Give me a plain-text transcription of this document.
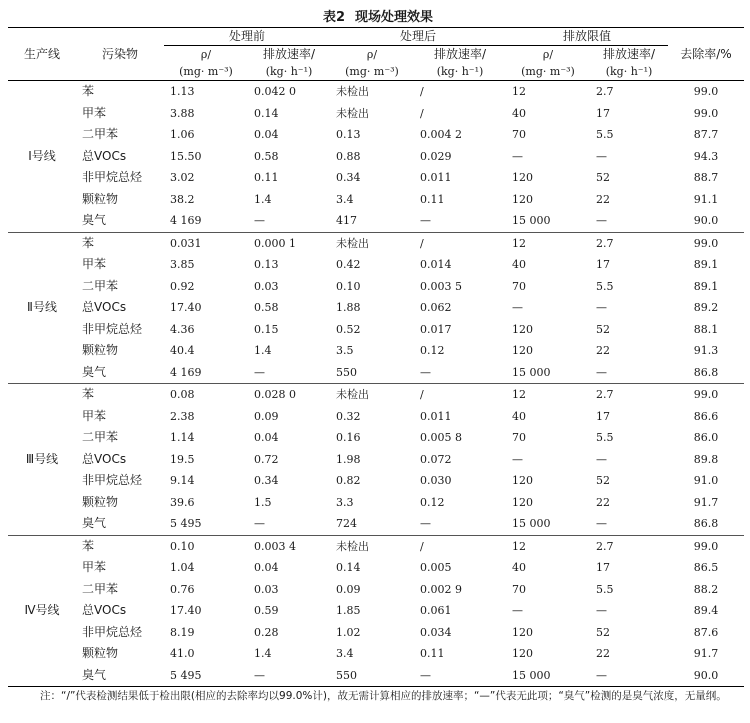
表2 现场处理效果
生产线	污染物	处理前		处理后		排放限值		去除率/%
		ρ/	排放速率/	ρ/	排放速率/	ρ/	排放速率/	
		(mg· m⁻³)	(kg· h⁻¹)	(mg· m⁻³)	(kg· h⁻¹)	(mg· m⁻³)	(kg· h⁻¹)	
Ⅰ号线	苯	1.13	0.042 0	未检出	/	12	2.7	99.0
	甲苯	3.88	0.14	未检出	/	40	17	99.0
	二甲苯	1.06	0.04	0.13	0.004 2	70	5.5	87.7
	总VOCs	15.50	0.58	0.88	0.029	—	—	94.3
	非甲烷总烃	3.02	0.11	0.34	0.011	120	52	88.7
	颗粒物	38.2	1.4	3.4	0.11	120	22	91.1
	臭气	4 169	—	417	—	15 000	—	90.0
Ⅱ号线	苯	0.031	0.000 1	未检出	/	12	2.7	99.0
	甲苯	3.85	0.13	0.42	0.014	40	17	89.1
	二甲苯	0.92	0.03	0.10	0.003 5	70	5.5	89.1
	总VOCs	17.40	0.58	1.88	0.062	—	—	89.2
	非甲烷总烃	4.36	0.15	0.52	0.017	120	52	88.1
	颗粒物	40.4	1.4	3.5	0.12	120	22	91.3
	臭气	4 169	—	550	—	15 000	—	86.8
Ⅲ号线	苯	0.08	0.028 0	未检出	/	12	2.7	99.0
	甲苯	2.38	0.09	0.32	0.011	40	17	86.6
	二甲苯	1.14	0.04	0.16	0.005 8	70	5.5	86.0
	总VOCs	19.5	0.72	1.98	0.072	—	—	89.8
	非甲烷总烃	9.14	0.34	0.82	0.030	120	52	91.0
	颗粒物	39.6	1.5	3.3	0.12	120	22	91.7
	臭气	5 495	—	724	—	15 000	—	86.8
Ⅳ号线	苯	0.10	0.003 4	未检出	/	12	2.7	99.0
	甲苯	1.04	0.04	0.14	0.005	40	17	86.5
	二甲苯	0.76	0.03	0.09	0.002 9	70	5.5	88.2
	总VOCs	17.40	0.59	1.85	0.061	—	—	89.4
	非甲烷总烃	8.19	0.28	1.02	0.034	120	52	87.6
	颗粒物	41.0	1.4	3.4	0.11	120	22	91.7
	臭气	5 495	—	550	—	15 000	—	90.0
注：“/”代表检测结果低于检出限(相应的去除率均以99.0%计)，故无需计算相应的排放速率；“—”代表无此项；“臭气”检测的是臭气浓度，无量纲。
